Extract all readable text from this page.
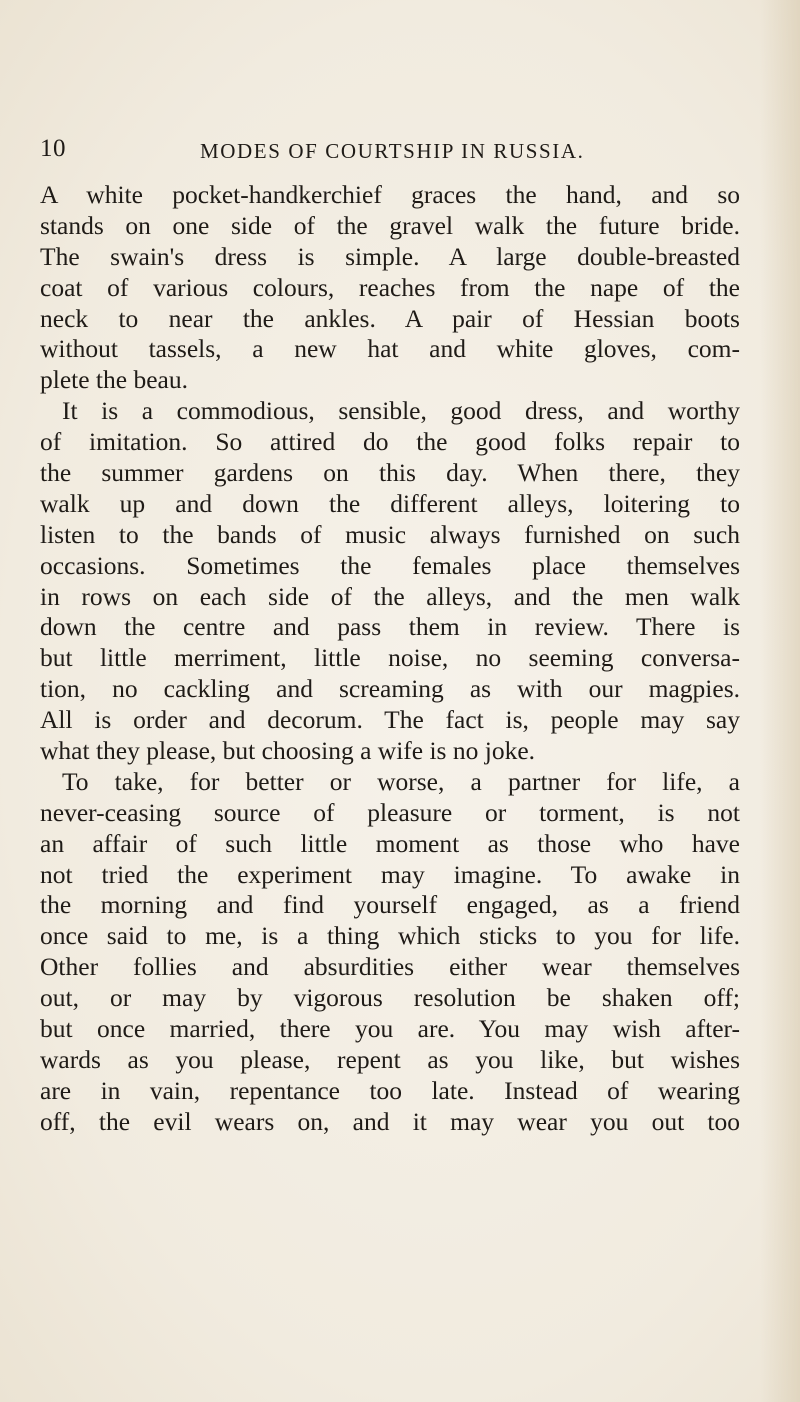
10	MODES OF COURTSHIP IN RUSSIA.
A white pocket-handkerchief graces the hand, and so
stands on one side of the gravel walk the future bride.
The swain's dress is simple. A large double-breasted
coat of various colours, reaches from the nape of the
neck to near the ankles. A pair of Hessian boots
without tassels, a new hat and white gloves, com-
plete the beau.
It is a commodious, sensible, good dress, and worthy
of imitation. So attired do the good folks repair to
the summer gardens on this day. When there, they
walk up and down the different alleys, loitering to
listen to the bands of music always furnished on such
occasions. Sometimes the females place themselves
in rows on each side of the alleys, and the men walk
down the centre and pass them in review. There is
but little merriment, little noise, no seeming conversa-
tion, no cackling and screaming as with our magpies.
All is order and decorum. The fact is, people may say
what they please, but choosing a wife is no joke.
To take, for better or worse, a partner for life, a
never-ceasing source of pleasure or torment, is not
an affair of such little moment as those who have
not tried the experiment may imagine. To awake in
the morning and find yourself engaged, as a friend
once said to me, is a thing which sticks to you for life.
Other follies and absurdities either wear themselves
out, or may by vigorous resolution be shaken off;
but once married, there you are. You may wish after-
wards as you please, repent as you like, but wishes
are in vain, repentance too late. Instead of wearing
off, the evil wears on, and it may wear you out too
